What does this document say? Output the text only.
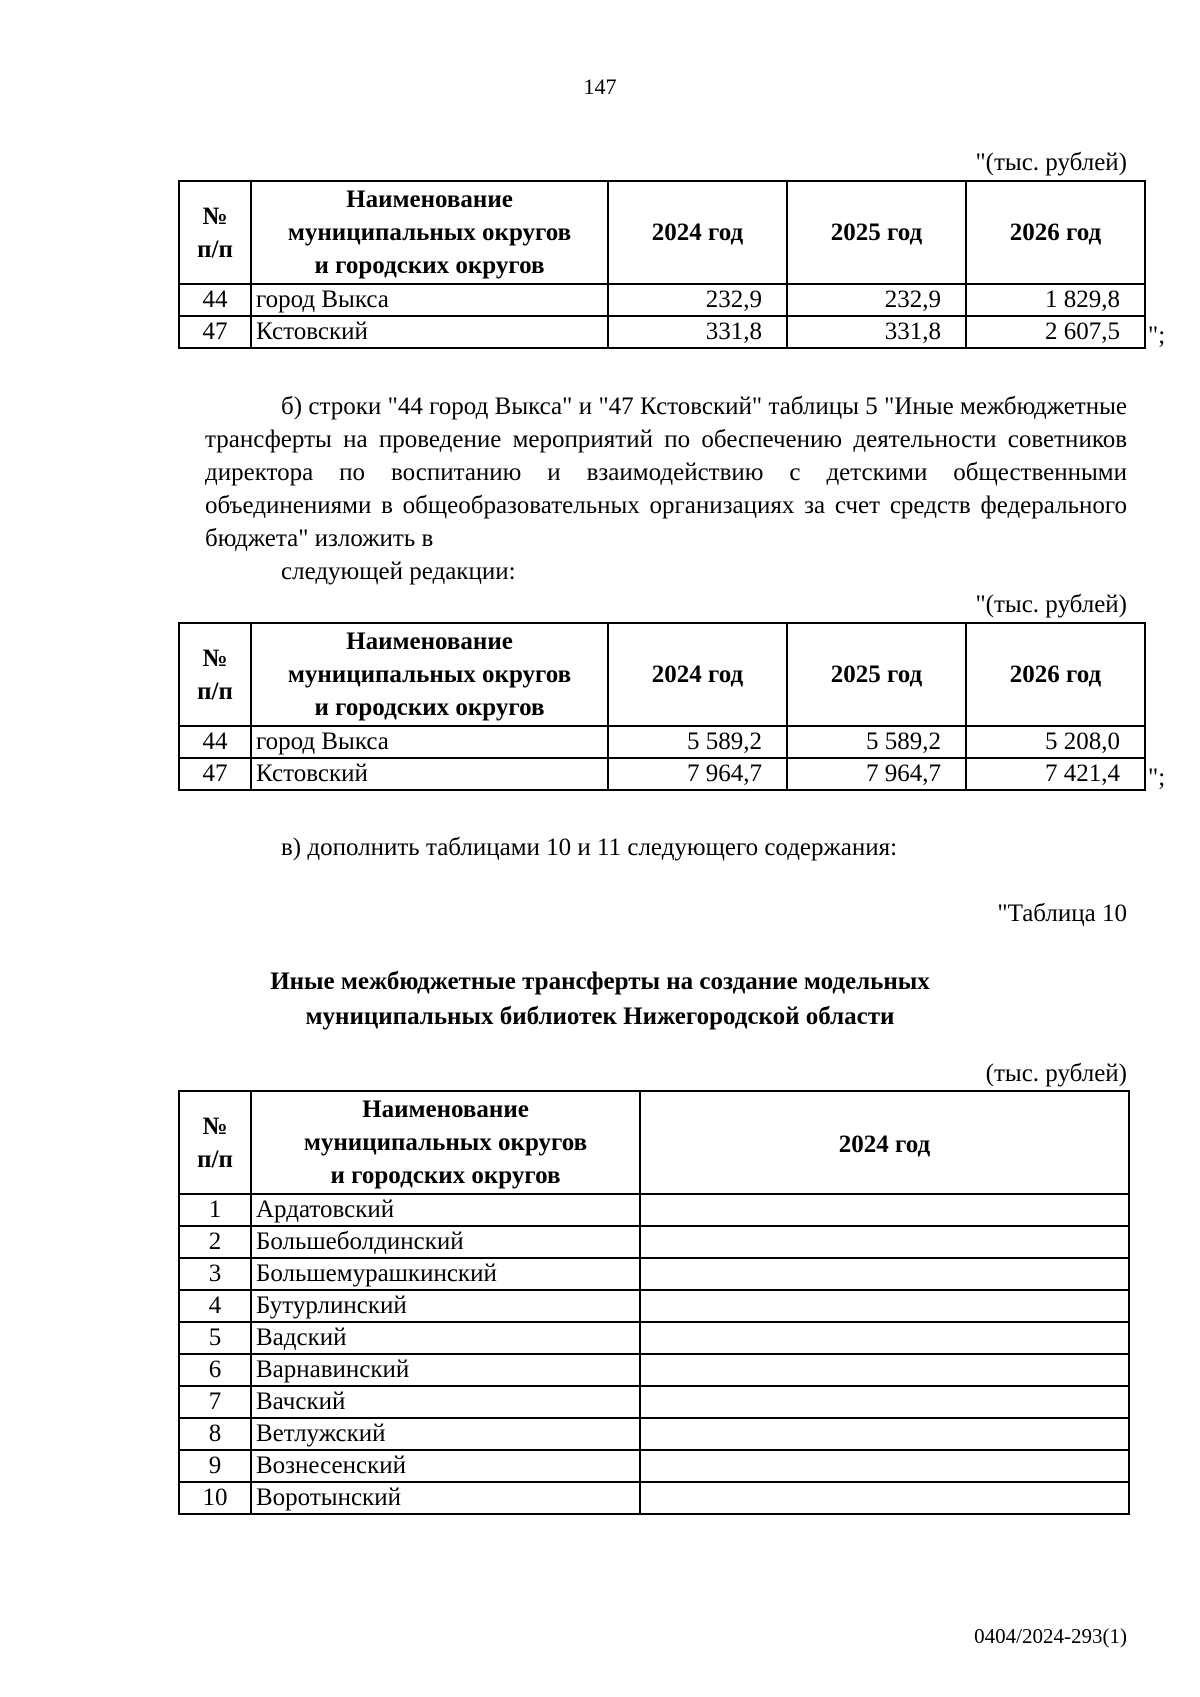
147
"(тыс. рублей)
№
п/п	Наименование
муниципальных округов
и городских округов	2024 год	2025 год	2026 год
44	город Выкса	232,9	232,9	1 829,8
47	Кстовский	331,8	331,8	2 607,5 ";
б) строки "44 город Выкса" и "47 Кстовский" таблицы 5 "Иные межбюджетные трансферты на проведение мероприятий по обеспечению деятельности советников директора по воспитанию и взаимодействию с детскими общественными объединениями в общеобразовательных организациях за счет средств федерального бюджета" изложить в
следующей редакции:
"(тыс. рублей)
№
п/п	Наименование
муниципальных округов
и городских округов	2024 год	2025 год	2026 год
44	город Выкса	5 589,2	5 589,2	5 208,0
47	Кстовский	7 964,7	7 964,7	7 421,4 ";
в) дополнить таблицами 10 и 11 следующего содержания:
"Таблица 10
Иные межбюджетные трансферты на создание модельных
муниципальных библиотек Нижегородской области
(тыс. рублей)
№
п/п	Наименование
муниципальных округов
и городских округов	2024 год
1	Ардатовский	
2	Большеболдинский	
3	Большемурашкинский	
4	Бутурлинский	
5	Вадский	
6	Варнавинский	
7	Вачский	
8	Ветлужский	
9	Вознесенский	
10	Воротынский	
0404/2024-293(1)
